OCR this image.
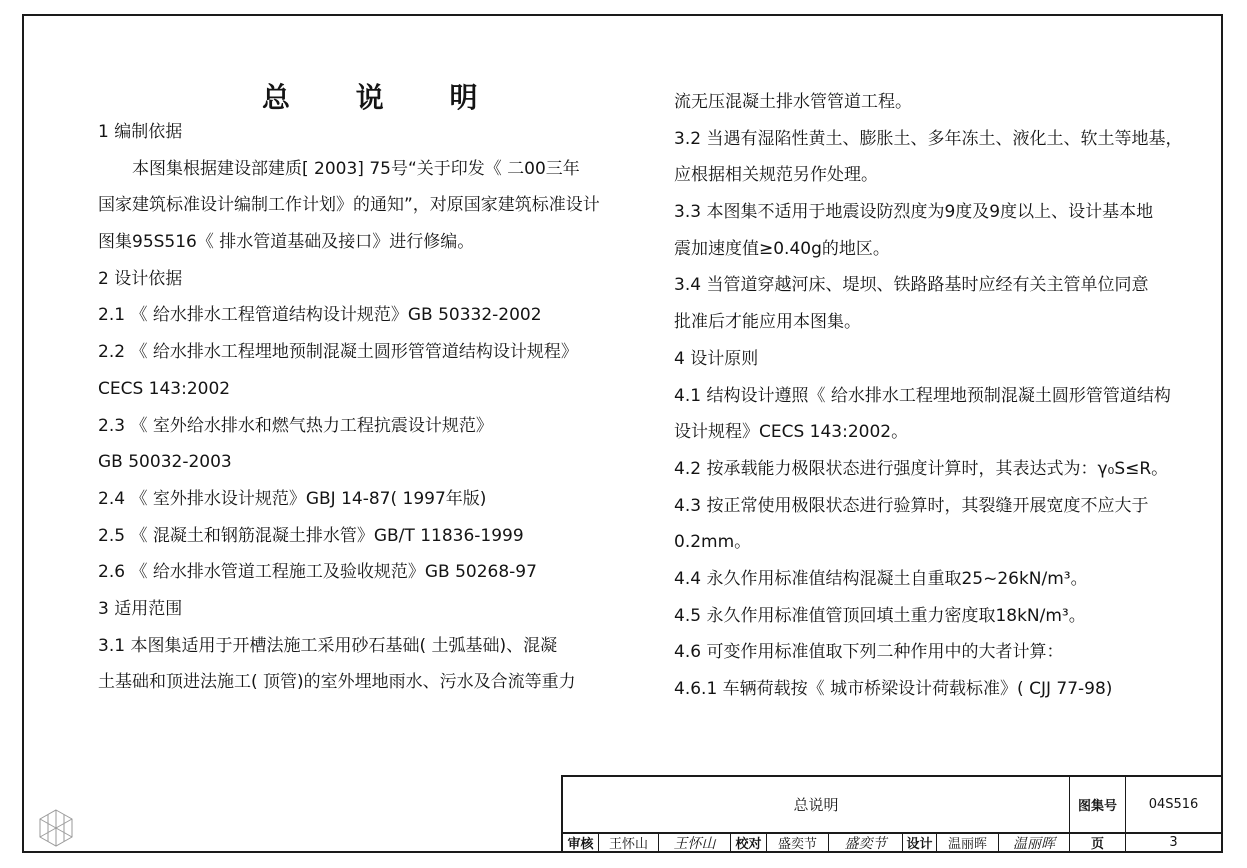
总 说 明
1 编制依据
本图集根据建设部建质[ 2003] 75号“关于印发《 二00三年
国家建筑标准设计编制工作计划》的通知”，对原国家建筑标准设计
图集95S516《 排水管道基础及接口》进行修编。
2 设计依据
2.1 《 给水排水工程管道结构设计规范》GB 50332-2002
2.2 《 给水排水工程埋地预制混凝土圆形管管道结构设计规程》
CECS 143:2002
2.3 《 室外给水排水和燃气热力工程抗震设计规范》
GB 50032-2003
2.4 《 室外排水设计规范》GBJ 14-87( 1997年版)
2.5 《 混凝土和钢筋混凝土排水管》GB/T 11836-1999
2.6 《 给水排水管道工程施工及验收规范》GB 50268-97
3 适用范围
3.1 本图集适用于开槽法施工采用砂石基础( 土弧基础)、混凝
土基础和顶进法施工( 顶管)的室外埋地雨水、污水及合流等重力
流无压混凝土排水管管道工程。
3.2 当遇有湿陷性黄土、膨胀土、多年冻土、液化土、软土等地基，
应根据相关规范另作处理。
3.3 本图集不适用于地震设防烈度为9度及9度以上、设计基本地
震加速度值≥0.40g的地区。
3.4 当管道穿越河床、堤坝、铁路路基时应经有关主管单位同意
批准后才能应用本图集。
4 设计原则
4.1 结构设计遵照《 给水排水工程埋地预制混凝土圆形管管道结构
设计规程》CECS 143:2002。
4.2 按承载能力极限状态进行强度计算时，其表达式为：γ₀S≤R。
4.3 按正常使用极限状态进行验算时，其裂缝开展宽度不应大于
0.2mm。
4.4 永久作用标准值结构混凝土自重取25~26kN/m³。
4.5 永久作用标准值管顶回填土重力密度取18kN/m³。
4.6 可变作用标准值取下列二种作用中的大者计算：
4.6.1 车辆荷载按《 城市桥梁设计荷载标准》( CJJ 77-98)
总说明	图集号	04S516
审核	王怀山	王怀山	校对	盛奕节	盛奕节	设计	温丽晖	温丽晖	页	3
